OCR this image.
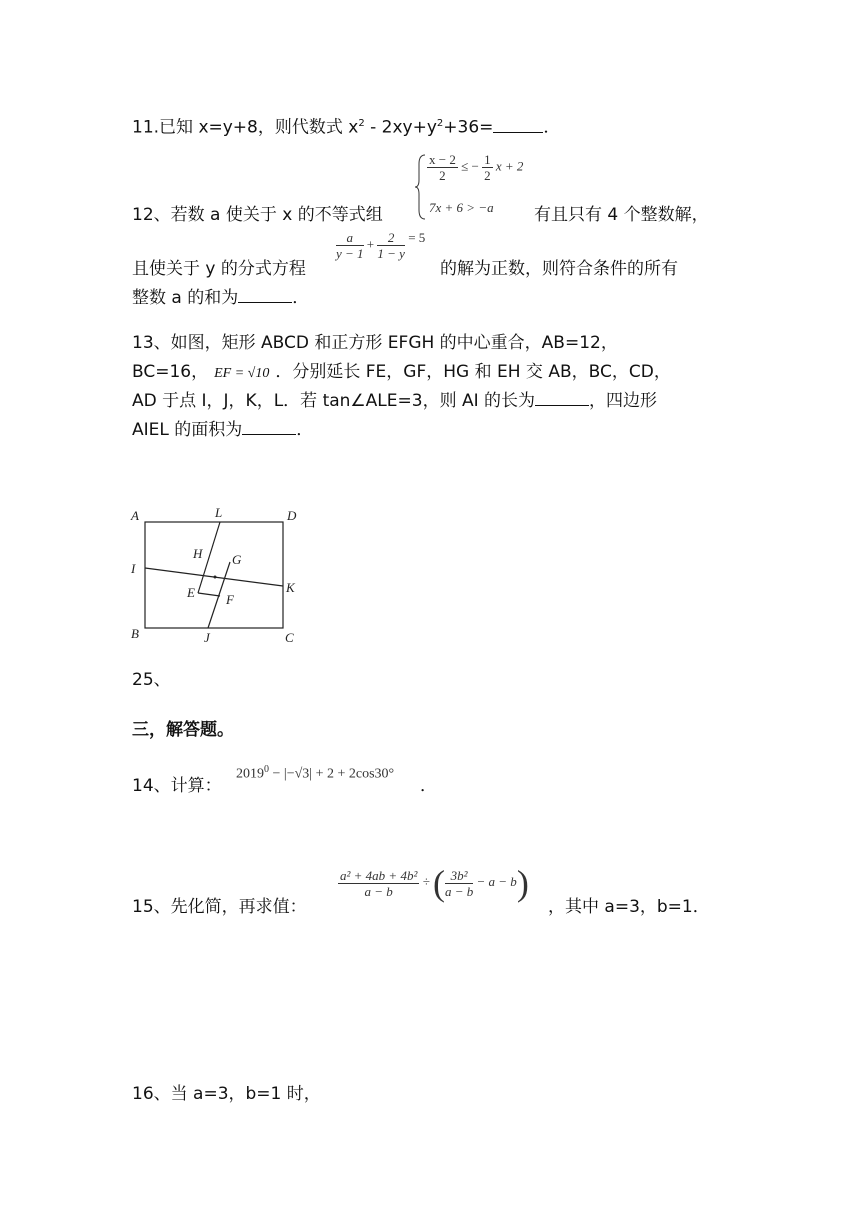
11.已知 x=y+8，则代数式 $x^2 - 2xy+y^2+36=$	．
$\frac{x - 2}{2}$ ≤ − $\frac{1}{2}$ x + 2
7x + 6 > −a
12、若数 a 使关于 x 的不等式组	有且只有 4 个整数解，
且使关于 y 的分式方程
$\frac{a}{y - 1} + \frac{2}{1 - y} = 5$
的解为正数，则符合条件的所有
整数 a 的和为	．
13、如图，矩形 ABCD 和正方形 EFGH 的中心重合，AB=12，
BC=16， EF = √10 ．分别延长 FE，GF，HG 和 EH 交 AB，BC，CD，
AD 于点 I，J，K，L．若 tan∠ALE=3，则 AI 的长为	，四边形
AIEL 的面积为	．
A	L	D
H G
I
K
E F
B	J	C
25、
三，解答题。
14、计算：
$2019^0 - |-√3| + 2 + 2\cos 30^\circ$
．
15、先化简，再求值：
$\frac{\text{a² + 4ab + 4b²}}{a - b}$ ÷ ( $\frac{\text{3b²}}{a - b} - a - b$)
，其中 a=3，b=1．
16、当 a=3，b=1 时，
